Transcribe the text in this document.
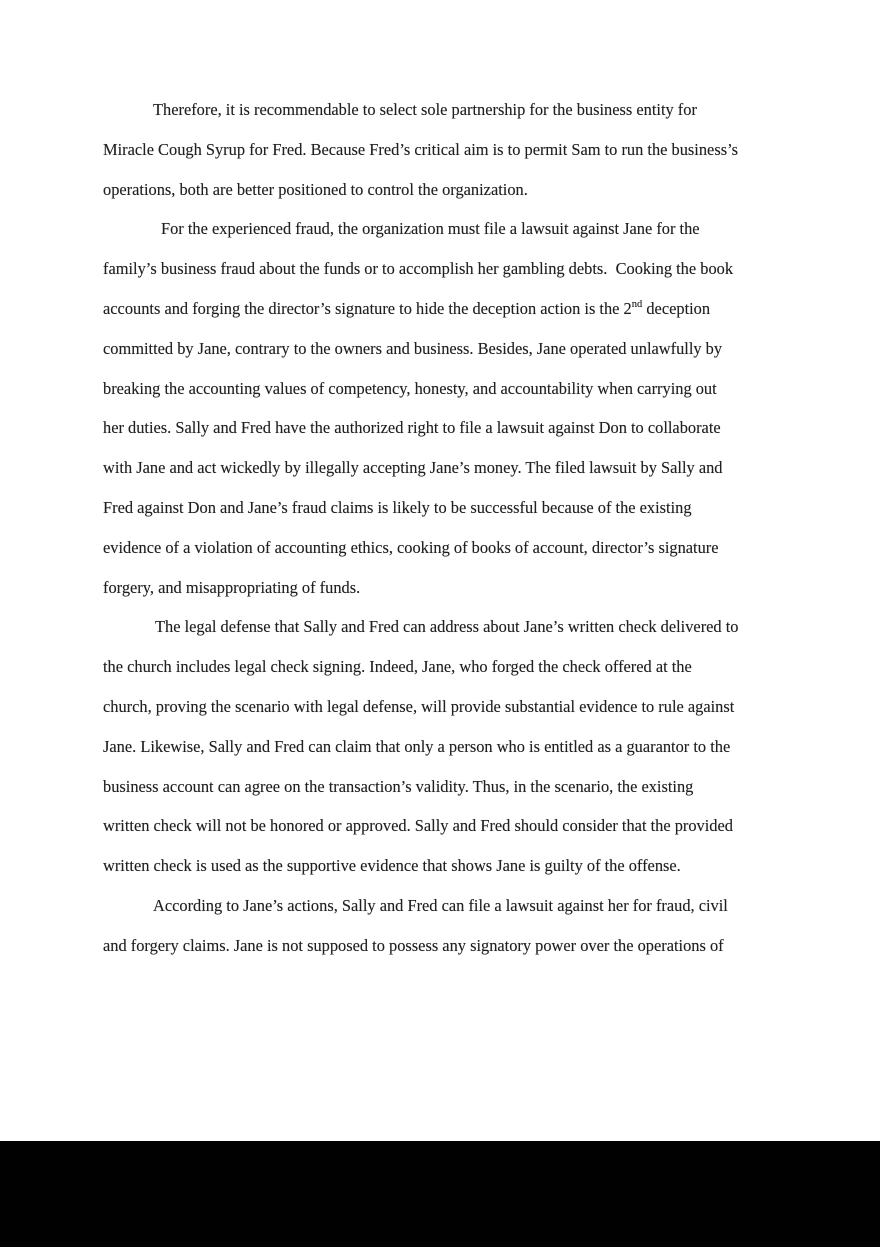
Therefore, it is recommendable to select sole partnership for the business entity for
Miracle Cough Syrup for Fred. Because Fred’s critical aim is to permit Sam to run the business’s
operations, both are better positioned to control the organization.
For the experienced fraud, the organization must file a lawsuit against Jane for the
family’s business fraud about the funds or to accomplish her gambling debts.  Cooking the book
accounts and forging the director’s signature to hide the deception action is the 2nd deception
committed by Jane, contrary to the owners and business. Besides, Jane operated unlawfully by
breaking the accounting values of competency, honesty, and accountability when carrying out
her duties. Sally and Fred have the authorized right to file a lawsuit against Don to collaborate
with Jane and act wickedly by illegally accepting Jane’s money. The filed lawsuit by Sally and
Fred against Don and Jane’s fraud claims is likely to be successful because of the existing
evidence of a violation of accounting ethics, cooking of books of account, director’s signature
forgery, and misappropriating of funds.
The legal defense that Sally and Fred can address about Jane’s written check delivered to
the church includes legal check signing. Indeed, Jane, who forged the check offered at the
church, proving the scenario with legal defense, will provide substantial evidence to rule against
Jane. Likewise, Sally and Fred can claim that only a person who is entitled as a guarantor to the
business account can agree on the transaction’s validity. Thus, in the scenario, the existing
written check will not be honored or approved. Sally and Fred should consider that the provided
written check is used as the supportive evidence that shows Jane is guilty of the offense.
According to Jane’s actions, Sally and Fred can file a lawsuit against her for fraud, civil
and forgery claims. Jane is not supposed to possess any signatory power over the operations of
